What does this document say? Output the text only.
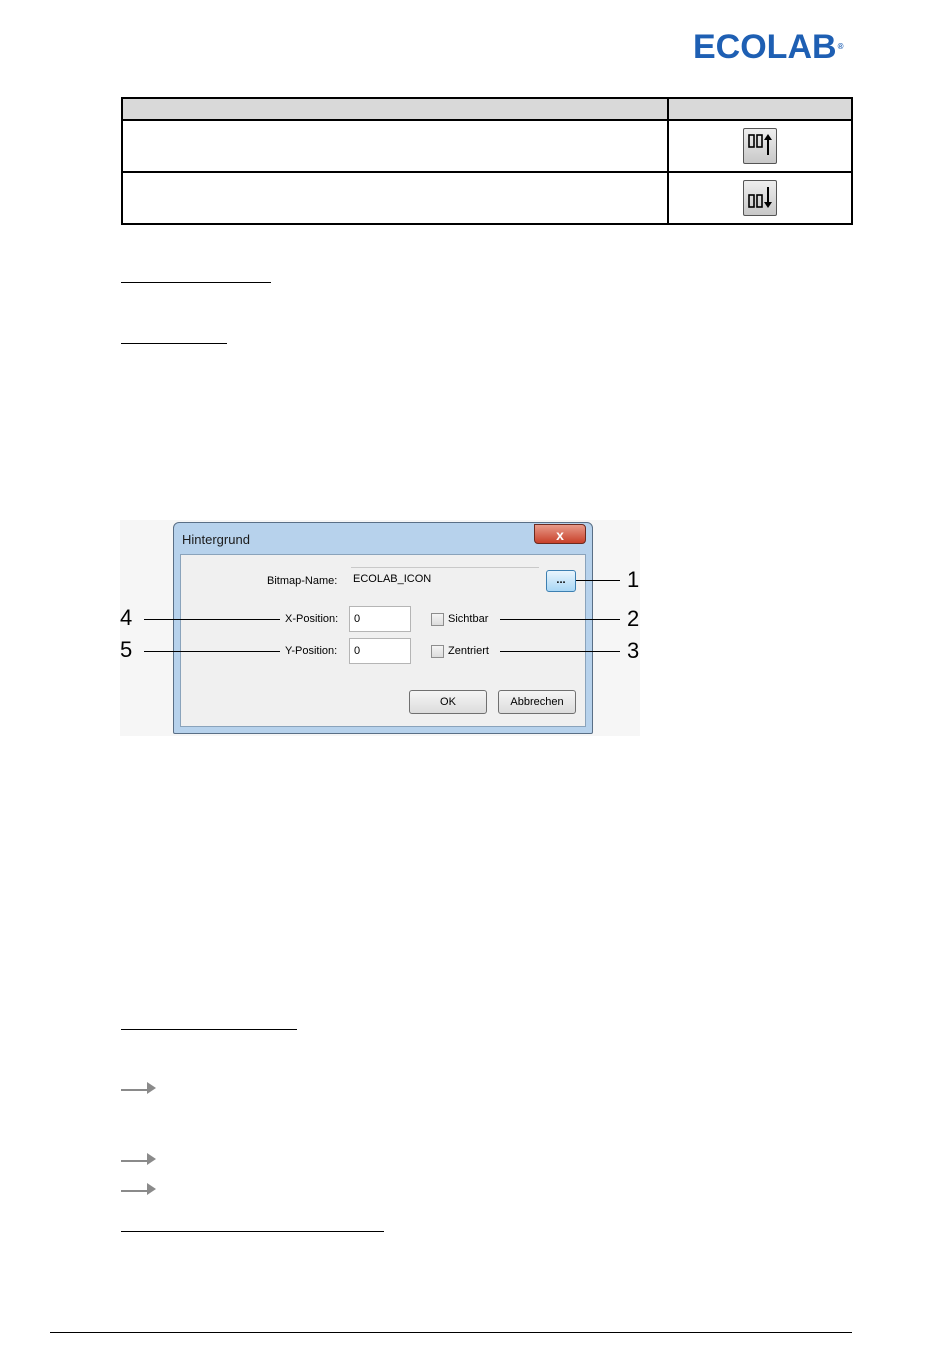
ECOLAB®

Hintergrund	x
Bitmap-Name: ECOLAB_ICON	...
X-Position:
0	Sichtbar
Y-Position:
0	Zentriert
OK	Abbrechen
1
2
3
4
5
